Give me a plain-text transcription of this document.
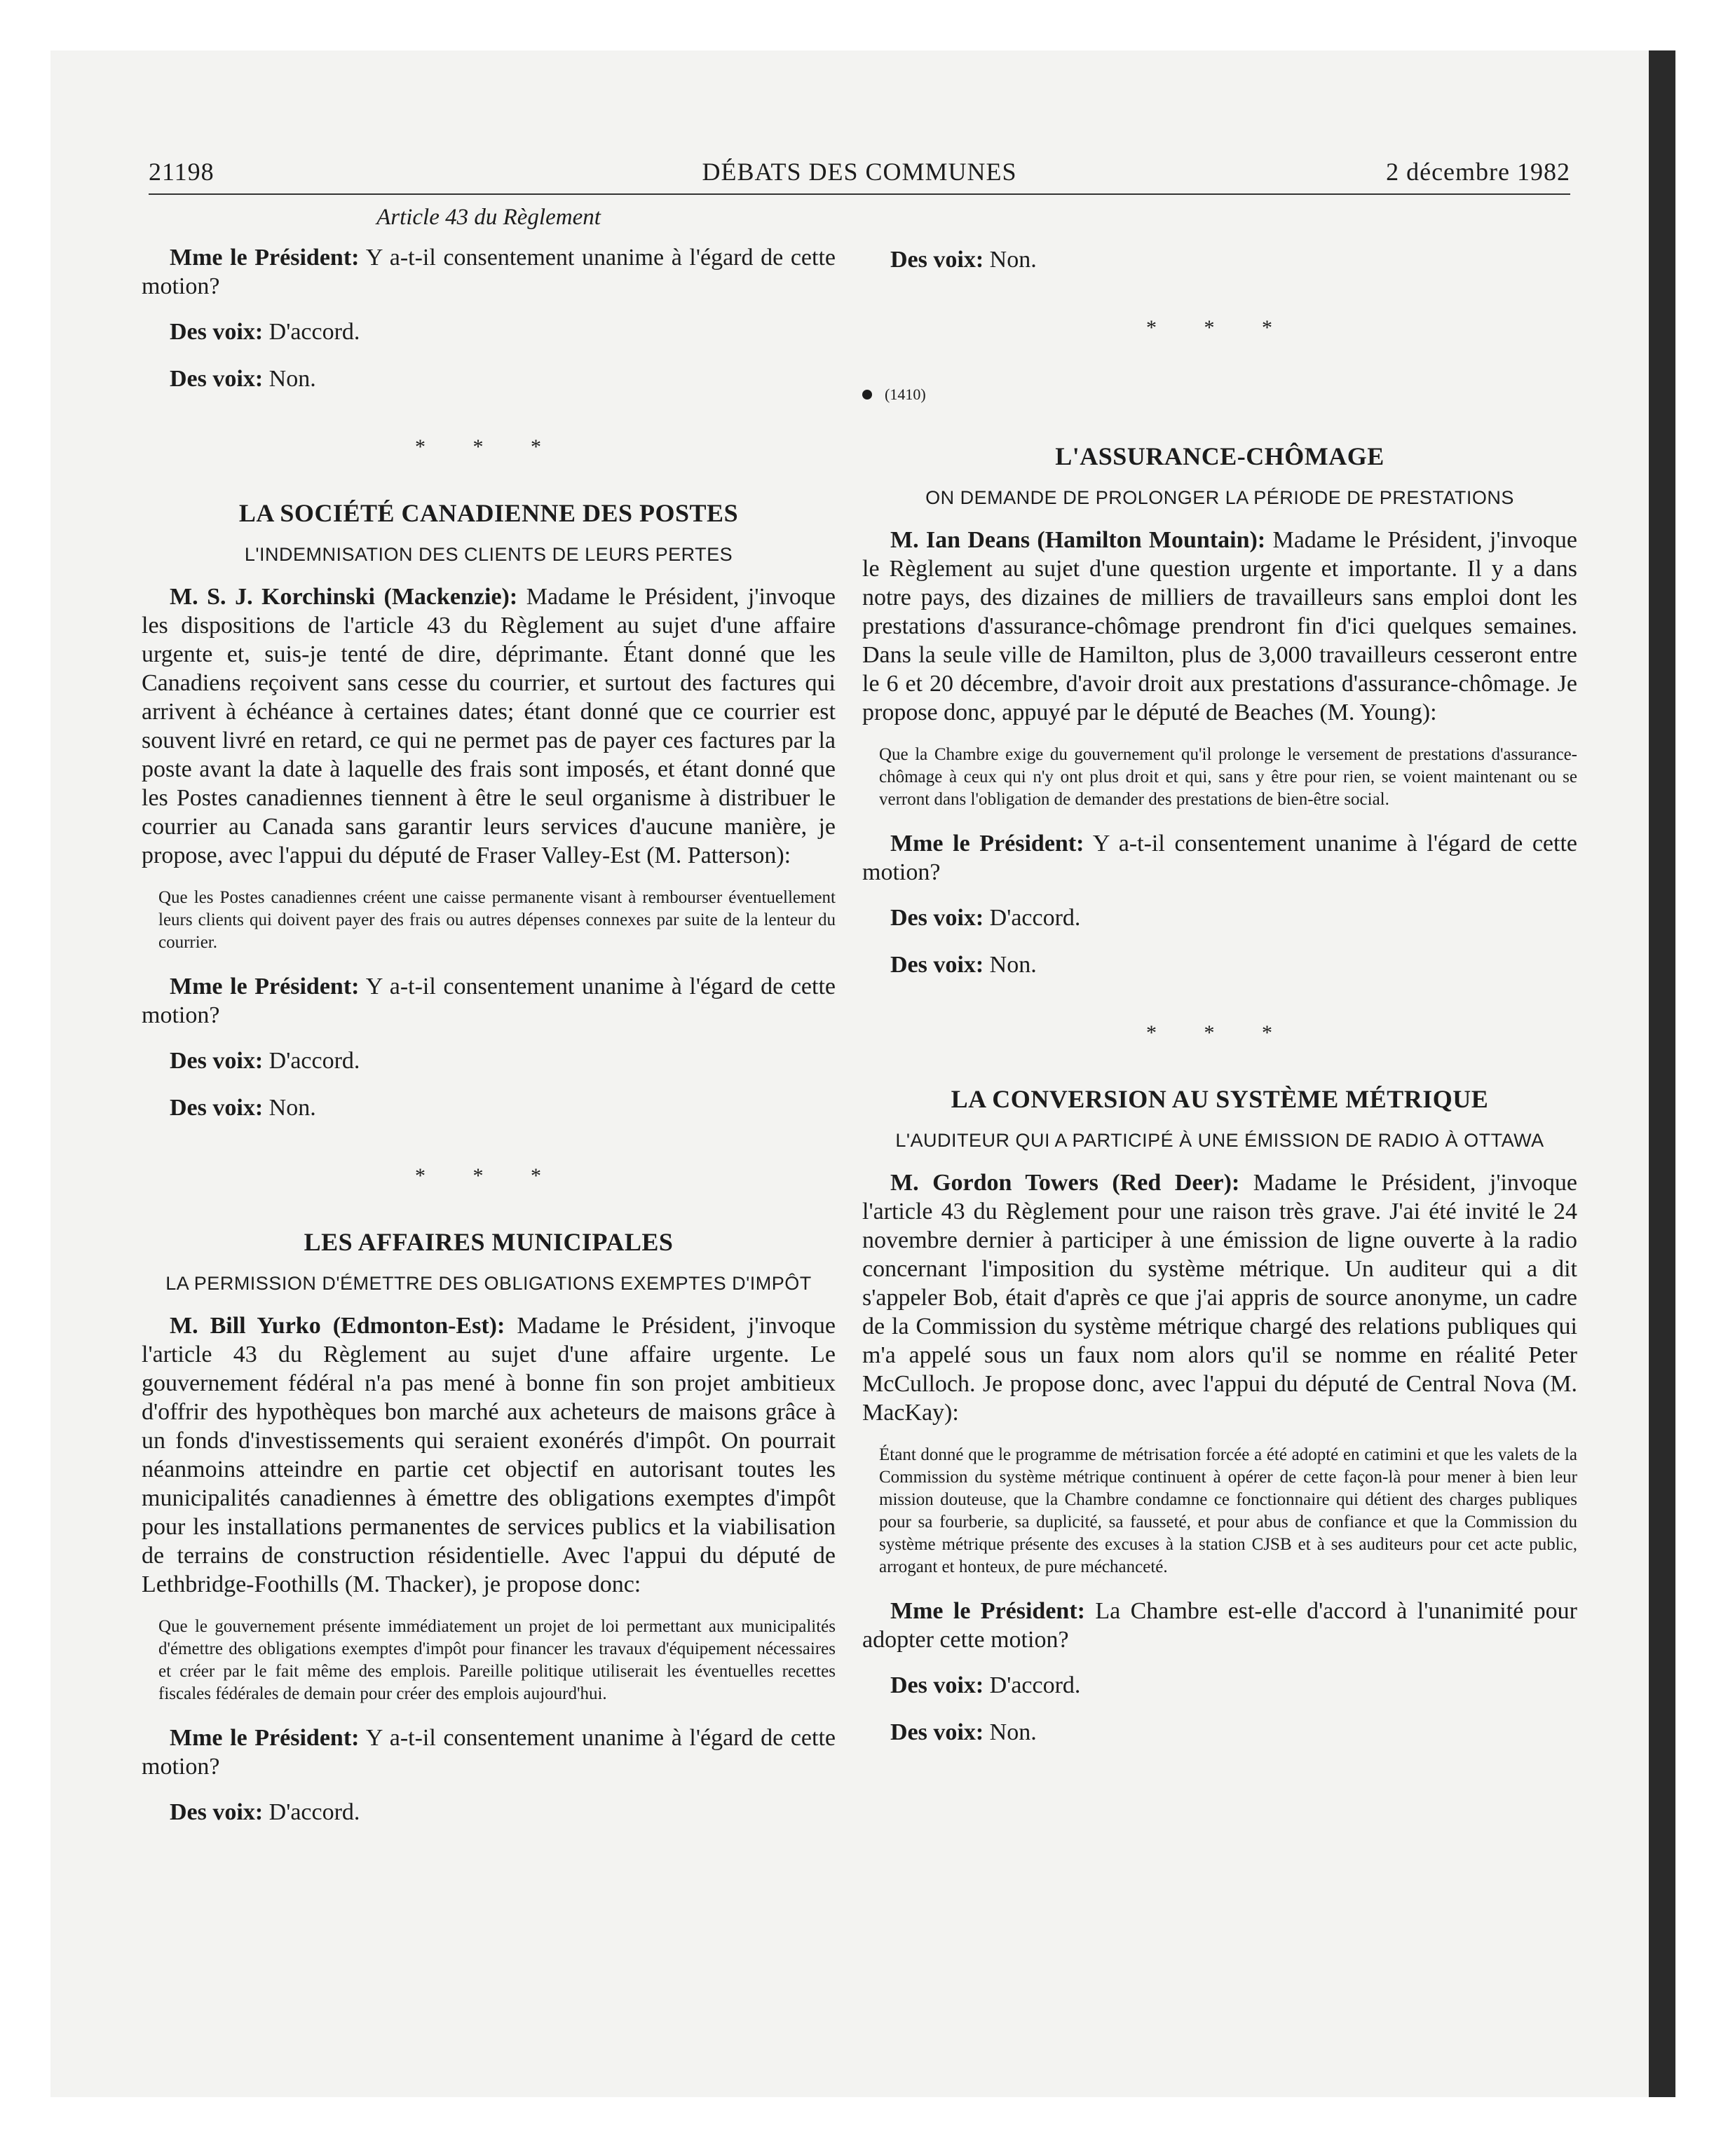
21198	DÉBATS DES COMMUNES	2 décembre 1982
Article 43 du Règlement

Mme le Président: Y a-t-il consentement unanime à l'égard de cette motion?

Des voix: D'accord.

Des voix: Non.

* * *
LA SOCIÉTÉ CANADIENNE DES POSTES
L'INDEMNISATION DES CLIENTS DE LEURS PERTES

M. S. J. Korchinski (Mackenzie): Madame le Président, j'invoque les dispositions de l'article 43 du Règlement au sujet d'une affaire urgente et, suis-je tenté de dire, déprimante. Étant donné que les Canadiens reçoivent sans cesse du courrier, et surtout des factures qui arrivent à échéance à certaines dates; étant donné que ce courrier est souvent livré en retard, ce qui ne permet pas de payer ces factures par la poste avant la date à laquelle des frais sont imposés, et étant donné que les Postes canadiennes tiennent à être le seul organisme à distribuer le courrier au Canada sans garantir leurs services d'aucune manière, je propose, avec l'appui du député de Fraser Valley-Est (M. Patterson):

Que les Postes canadiennes créent une caisse permanente visant à rembourser éventuellement leurs clients qui doivent payer des frais ou autres dépenses connexes par suite de la lenteur du courrier.

Mme le Président: Y a-t-il consentement unanime à l'égard de cette motion?

Des voix: D'accord.

Des voix: Non.

* * *
LES AFFAIRES MUNICIPALES
LA PERMISSION D'ÉMETTRE DES OBLIGATIONS EXEMPTES D'IMPÔT

M. Bill Yurko (Edmonton-Est): Madame le Président, j'invoque l'article 43 du Règlement au sujet d'une affaire urgente. Le gouvernement fédéral n'a pas mené à bonne fin son projet ambitieux d'offrir des hypothèques bon marché aux acheteurs de maisons grâce à un fonds d'investissements qui seraient exonérés d'impôt. On pourrait néanmoins atteindre en partie cet objectif en autorisant toutes les municipalités canadiennes à émettre des obligations exemptes d'impôt pour les installations permanentes de services publics et la viabilisation de terrains de construction résidentielle. Avec l'appui du député de Lethbridge-Foothills (M. Thacker), je propose donc:

Que le gouvernement présente immédiatement un projet de loi permettant aux municipalités d'émettre des obligations exemptes d'impôt pour financer les travaux d'équipement nécessaires et créer par le fait même des emplois. Pareille politique utiliserait les éventuelles recettes fiscales fédérales de demain pour créer des emplois aujourd'hui.

Mme le Président: Y a-t-il consentement unanime à l'égard de cette motion?

Des voix: D'accord.

Des voix: Non.

* * *
(1410)
L'ASSURANCE-CHÔMAGE
ON DEMANDE DE PROLONGER LA PÉRIODE DE PRESTATIONS

M. Ian Deans (Hamilton Mountain): Madame le Président, j'invoque le Règlement au sujet d'une question urgente et importante. Il y a dans notre pays, des dizaines de milliers de travailleurs sans emploi dont les prestations d'assurance-chômage prendront fin d'ici quelques semaines. Dans la seule ville de Hamilton, plus de 3,000 travailleurs cesseront entre le 6 et 20 décembre, d'avoir droit aux prestations d'assurance-chômage. Je propose donc, appuyé par le député de Beaches (M. Young):

Que la Chambre exige du gouvernement qu'il prolonge le versement de prestations d'assurance-chômage à ceux qui n'y ont plus droit et qui, sans y être pour rien, se voient maintenant ou se verront dans l'obligation de demander des prestations de bien-être social.

Mme le Président: Y a-t-il consentement unanime à l'égard de cette motion?

Des voix: D'accord.

Des voix: Non.

* * *
LA CONVERSION AU SYSTÈME MÉTRIQUE
L'AUDITEUR QUI A PARTICIPÉ À UNE ÉMISSION DE RADIO À OTTAWA

M. Gordon Towers (Red Deer): Madame le Président, j'invoque l'article 43 du Règlement pour une raison très grave. J'ai été invité le 24 novembre dernier à participer à une émission de ligne ouverte à la radio concernant l'imposition du système métrique. Un auditeur qui a dit s'appeler Bob, était d'après ce que j'ai appris de source anonyme, un cadre de la Commission du système métrique chargé des relations publiques qui m'a appelé sous un faux nom alors qu'il se nomme en réalité Peter McCulloch. Je propose donc, avec l'appui du député de Central Nova (M. MacKay):

Étant donné que le programme de métrisation forcée a été adopté en catimini et que les valets de la Commission du système métrique continuent à opérer de cette façon-là pour mener à bien leur mission douteuse, que la Chambre condamne ce fonctionnaire qui détient des charges publiques pour sa fourberie, sa duplicité, sa fausseté, et pour abus de confiance et que la Commission du système métrique présente des excuses à la station CJSB et à ses auditeurs pour cet acte public, arrogant et honteux, de pure méchanceté.

Mme le Président: La Chambre est-elle d'accord à l'unanimité pour adopter cette motion?

Des voix: D'accord.

Des voix: Non.
